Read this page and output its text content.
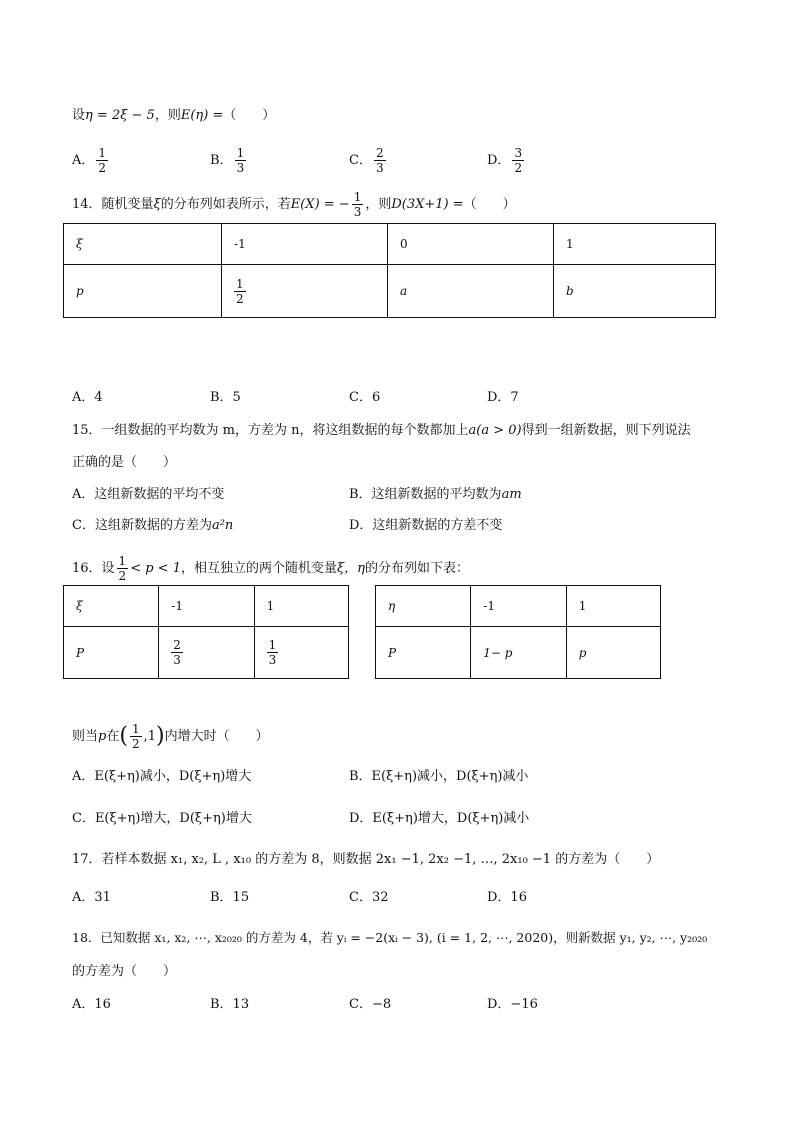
设η = 2ξ − 5，则E(η) =（　　）
A． $\frac{1}{2}$	B． $\frac{1}{3}$	C． $\frac{2}{3}$	D． $\frac{3}{2}$
14．随机变量ξ的分布列如表所示，若E(X) = − $\frac{1}{3}$ ，则D(3X+1) =（　　）
ξ	-1	0	1
p	$\frac{1}{2}$	a	b
A．4	B．5	C．6	D．7
15．一组数据的平均数为 m，方差为 n，将这组数据的每个数都加上a(a > 0)得到一组新数据，则下列说法
正确的是（　　）
A．这组新数据的平均不变	B．这组新数据的平均数为am
C．这组新数据的方差为a²n	D．这组新数据的方差不变
16．设 $\frac{1}{2} < p < 1$，相互独立的两个随机变量ξ，η的分布列如下表：
ξ	-1	1
P	$\frac{2}{3}$	$\frac{1}{3}$
η	-1	1
P	1− p	p
则当p在( $\frac{1}{2} ,1$)内增大时（　　）
A．E(ξ+η)减小，D(ξ+η)增大	B．E(ξ+η)减小，D(ξ+η)减小
C．E(ξ+η)增大，D(ξ+η)增大	D．E(ξ+η)增大，D(ξ+η)减小
17．若样本数据 x₁, x₂, L , x₁₀ 的方差为 8，则数据 2x₁ −1, 2x₂ −1, …, 2x₁₀ −1 的方差为（　　）
A．31	B．15	C．32	D．16
18．已知数据 x₁, x₂, ⋯, x₂₀₂₀ 的方差为 4，若 yᵢ = −2(xᵢ − 3), (i = 1, 2, ⋯, 2020)，则新数据 y₁, y₂, ⋯, y₂₀₂₀
的方差为（　　）
A．16	B．13	C．−8	D．−16
